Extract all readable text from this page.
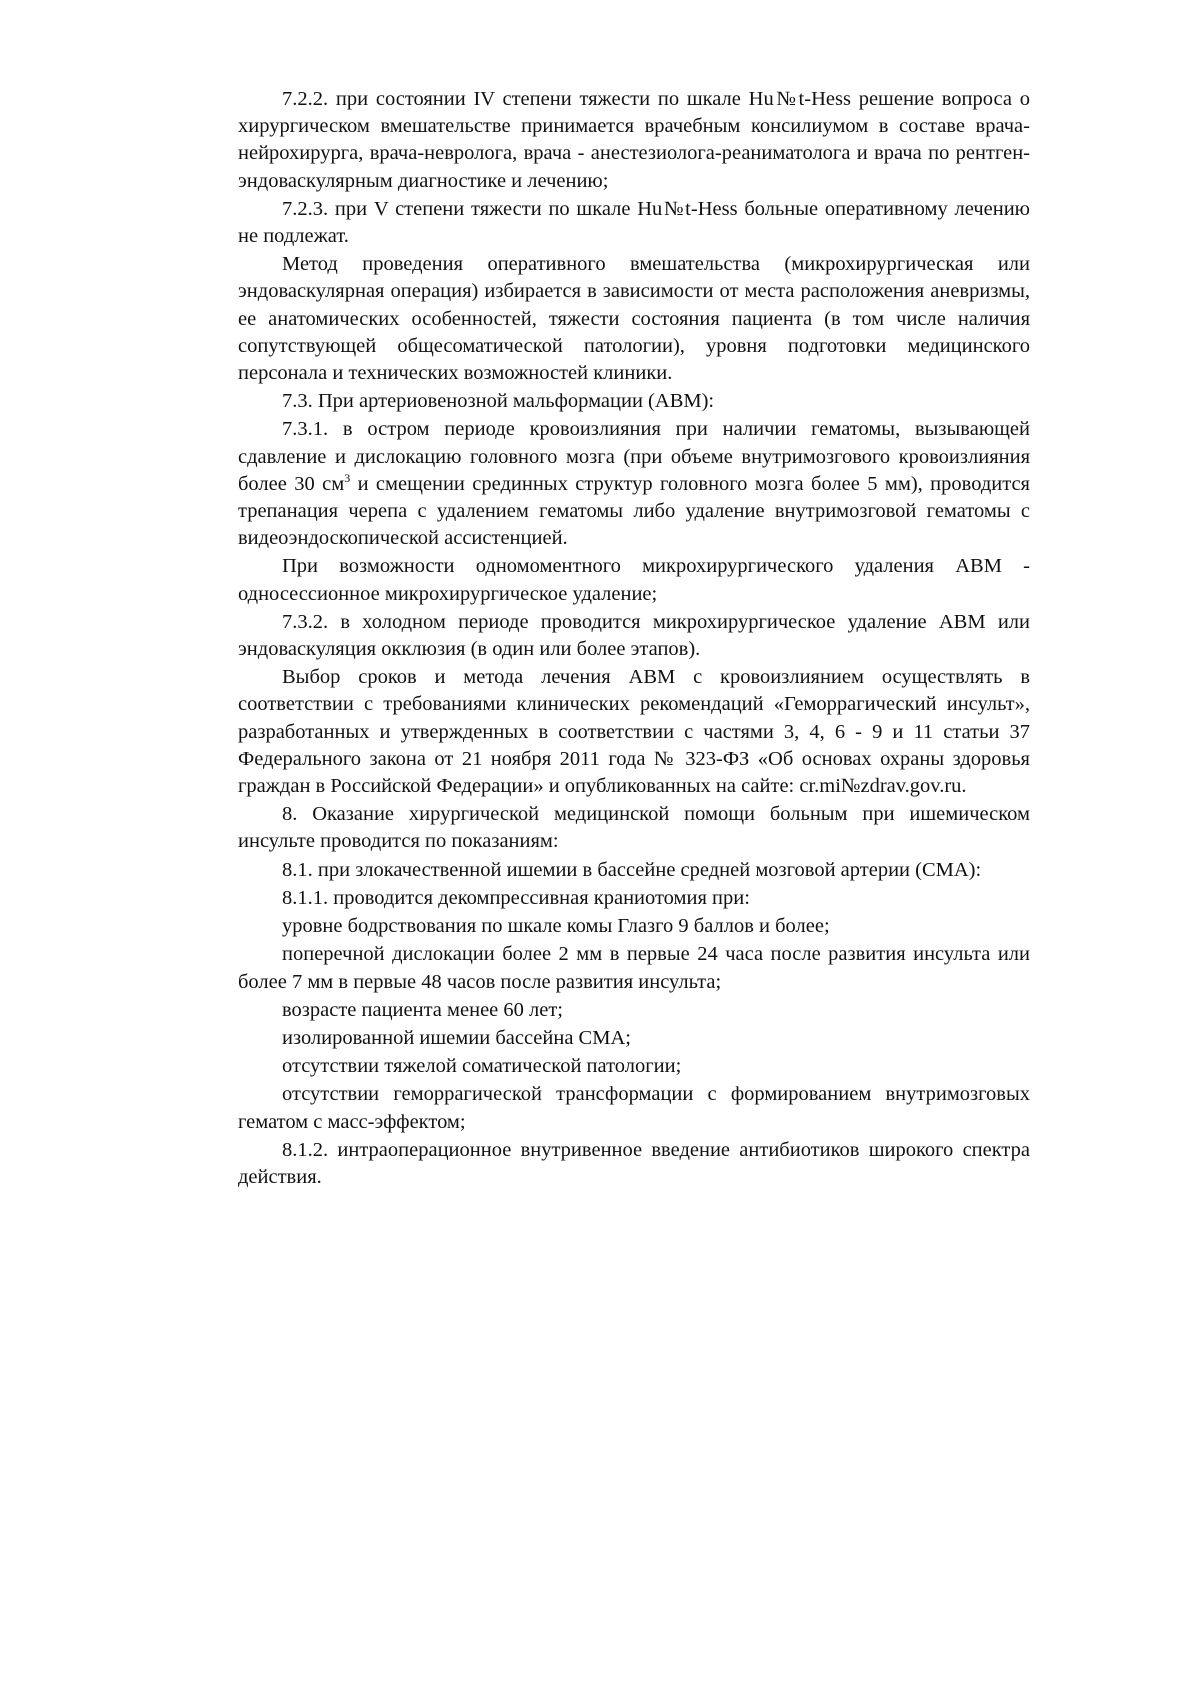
7.2.2. при состоянии IV степени тяжести по шкале Hu№t-Hess решение вопроса о хирургическом вмешательстве принимается врачебным консилиумом в составе врача-нейрохирурга, врача-невролога, врача - анестезиолога-реаниматолога и врача по рентген-эндоваскулярным диагностике и лечению;

7.2.3. при V степени тяжести по шкале Hu№t-Hess больные оперативному лечению не подлежат.

Метод проведения оперативного вмешательства (микрохирургическая или эндоваскулярная операция) избирается в зависимости от места расположения аневризмы, ее анатомических особенностей, тяжести состояния пациента (в том числе наличия сопутствующей общесоматической патологии), уровня подготовки медицинского персонала и технических возможностей клиники.

7.3. При артериовенозной мальформации (АВМ):

7.3.1. в остром периоде кровоизлияния при наличии гематомы, вызывающей сдавление и дислокацию головного мозга (при объеме внутримозгового кровоизлияния более 30 $см^3$ и смещении срединных структур головного мозга более 5 мм), проводится трепанация черепа с удалением гематомы либо удаление внутримозговой гематомы с видеоэндоскопической ассистенцией.

При возможности одномоментного микрохирургического удаления АВМ - односессионное микрохирургическое удаление;

7.3.2. в холодном периоде проводится микрохирургическое удаление АВМ или эндоваскуляция окклюзия (в один или более этапов).

Выбор сроков и метода лечения АВМ с кровоизлиянием осуществлять в соответствии с требованиями клинических рекомендаций «Геморрагический инсульт», разработанных и утвержденных в соответствии с частями 3, 4, 6 - 9 и 11 статьи 37 Федерального закона от 21 ноября 2011 года № 323-ФЗ «Об основах охраны здоровья граждан в Российской Федерации» и опубликованных на сайте: cr.mi№zdrav.gov.ru.

8. Оказание хирургической медицинской помощи больным при ишемическом инсульте проводится по показаниям:

8.1. при злокачественной ишемии в бассейне средней мозговой артерии (СМА):

8.1.1. проводится декомпрессивная краниотомия при:

уровне бодрствования по шкале комы Глазго 9 баллов и более;

поперечной дислокации более 2 мм в первые 24 часа после развития инсульта или более 7 мм в первые 48 часов после развития инсульта;

возрасте пациента менее 60 лет;

изолированной ишемии бассейна СМА;

отсутствии тяжелой соматической патологии;

отсутствии геморрагической трансформации с формированием внутримозговых гематом с масс-эффектом;

8.1.2. интраоперационное внутривенное введение антибиотиков широкого спектра действия.
